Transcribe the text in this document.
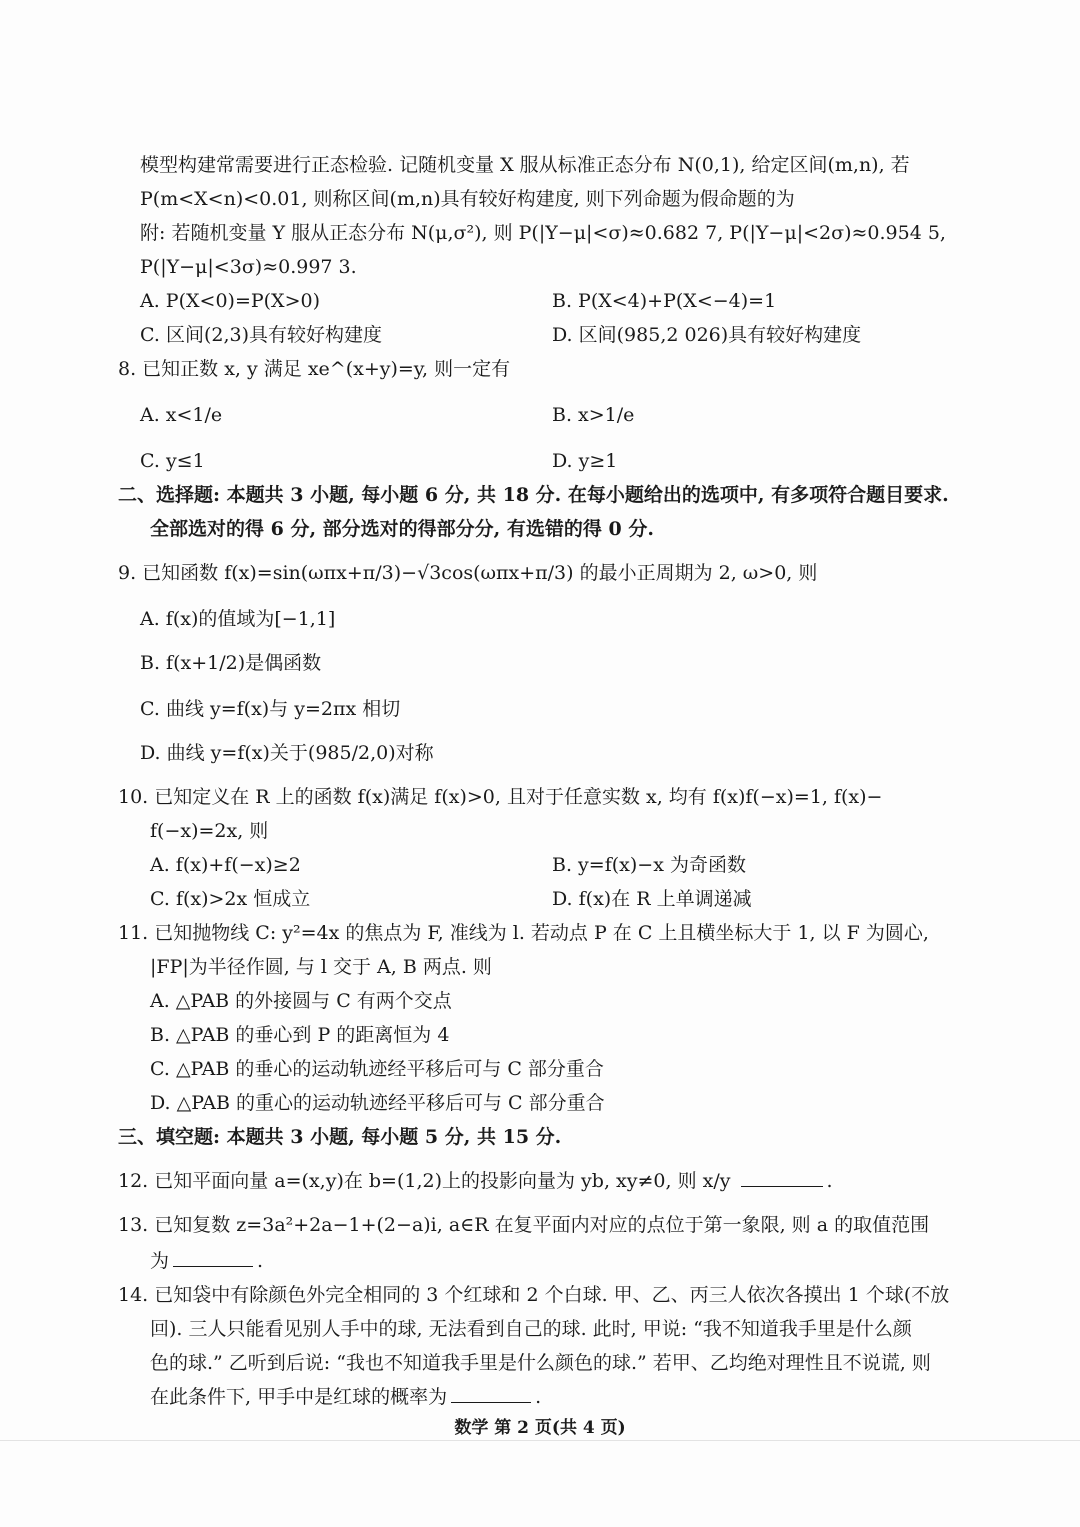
模型构建常需要进行正态检验. 记随机变量 X 服从标准正态分布 N(0,1), 给定区间(m,n), 若
P(m<X<n)<0.01, 则称区间(m,n)具有较好构建度, 则下列命题为假命题的为
附: 若随机变量 Y 服从正态分布 N(μ,σ²), 则 P(|Y−μ|<σ)≈0.682 7, P(|Y−μ|<2σ)≈0.954 5,
P(|Y−μ|<3σ)≈0.997 3.
A. P(X<0)=P(X>0)	B. P(X<4)+P(X<−4)=1
C. 区间(2,3)具有较好构建度	D. 区间(985,2 026)具有较好构建度
8. 已知正数 x, y 满足 xe^(x+y)=y, 则一定有
A. x<1/e	B. x>1/e
C. y≤1	D. y≥1
二、选择题: 本题共 3 小题, 每小题 6 分, 共 18 分. 在每小题给出的选项中, 有多项符合题目要求.
全部选对的得 6 分, 部分选对的得部分分, 有选错的得 0 分.
9. 已知函数 f(x)=sin(ωπx+π/3)−√3cos(ωπx+π/3) 的最小正周期为 2, ω>0, 则
A. f(x)的值域为[−1,1]
B. f(x+1/2)是偶函数
C. 曲线 y=f(x)与 y=2πx 相切
D. 曲线 y=f(x)关于(985/2,0)对称
10. 已知定义在 R 上的函数 f(x)满足 f(x)>0, 且对于任意实数 x, 均有 f(x)f(−x)=1, f(x)−
f(−x)=2x, 则
A. f(x)+f(−x)≥2	B. y=f(x)−x 为奇函数
C. f(x)>2x 恒成立	D. f(x)在 R 上单调递减
11. 已知抛物线 C: y²=4x 的焦点为 F, 准线为 l. 若动点 P 在 C 上且横坐标大于 1, 以 F 为圆心,
|FP|为半径作圆, 与 l 交于 A, B 两点. 则
A. △PAB 的外接圆与 C 有两个交点
B. △PAB 的垂心到 P 的距离恒为 4
C. △PAB 的垂心的运动轨迹经平移后可与 C 部分重合
D. △PAB 的重心的运动轨迹经平移后可与 C 部分重合
三、填空题: 本题共 3 小题, 每小题 5 分, 共 15 分.
12. 已知平面向量 a=(x,y)在 b=(1,2)上的投影向量为 yb, xy≠0, 则 x/y	.
13. 已知复数 z=3a²+2a−1+(2−a)i, a∈R 在复平面内对应的点位于第一象限, 则 a 的取值范围
为	.
14. 已知袋中有除颜色外完全相同的 3 个红球和 2 个白球. 甲、乙、丙三人依次各摸出 1 个球(不放
回). 三人只能看见别人手中的球, 无法看到自己的球. 此时, 甲说: “我不知道我手里是什么颜
色的球.” 乙听到后说: “我也不知道我手里是什么颜色的球.” 若甲、乙均绝对理性且不说谎, 则
在此条件下, 甲手中是红球的概率为	.
数学 第 2 页(共 4 页)
